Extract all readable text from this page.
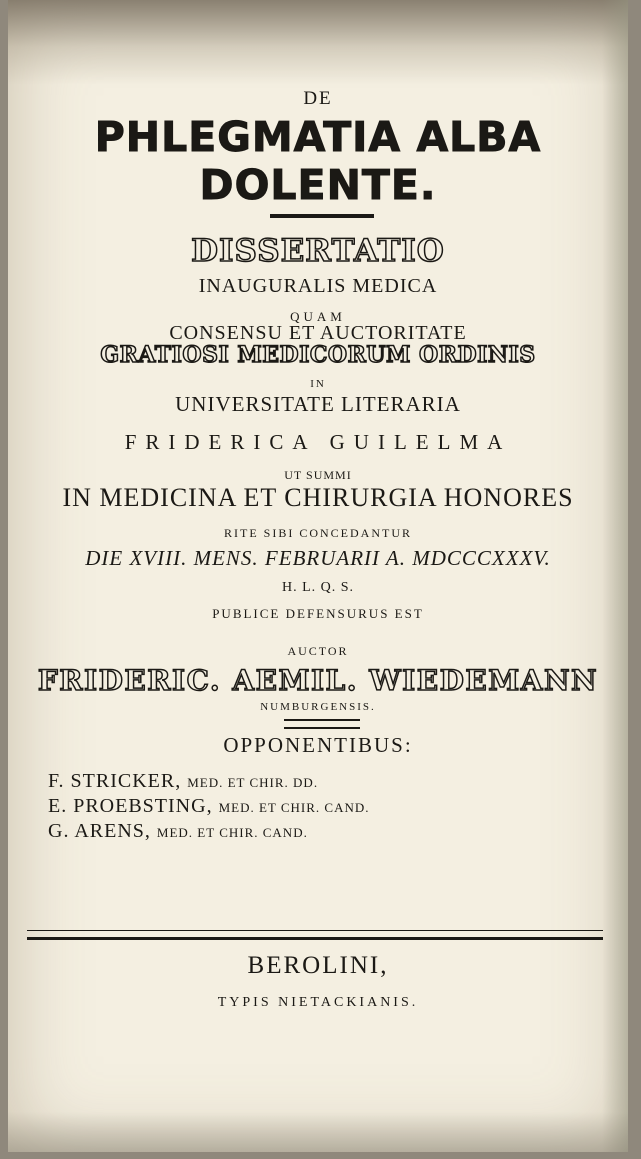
DE
PHLEGMATIA ALBA
DOLENTE.
DISSERTATIO
INAUGURALIS MEDICA
QUAM
CONSENSU ET AUCTORITATE
GRATIOSI MEDICORUM ORDINIS
IN
UNIVERSITATE LITERARIA
FRIDERICA GUILELMA
UT SUMMI
IN MEDICINA ET CHIRURGIA HONORES
RITE SIBI CONCEDANTUR
DIE XVIII. MENS. FEBRUARII A. MDCCCXXXV.
H. L. Q. S.
PUBLICE DEFENSURUS EST
AUCTOR
FRIDERIC. AEMIL. WIEDEMANN
NUMBURGENSIS.
OPPONENTIBUS:
F. STRICKER, MED. ET CHIR. DD.
E. PROEBSTING, MED. ET CHIR. CAND.
G. ARENS, MED. ET CHIR. CAND.
BEROLINI,
TYPIS NIETACKIANIS.
